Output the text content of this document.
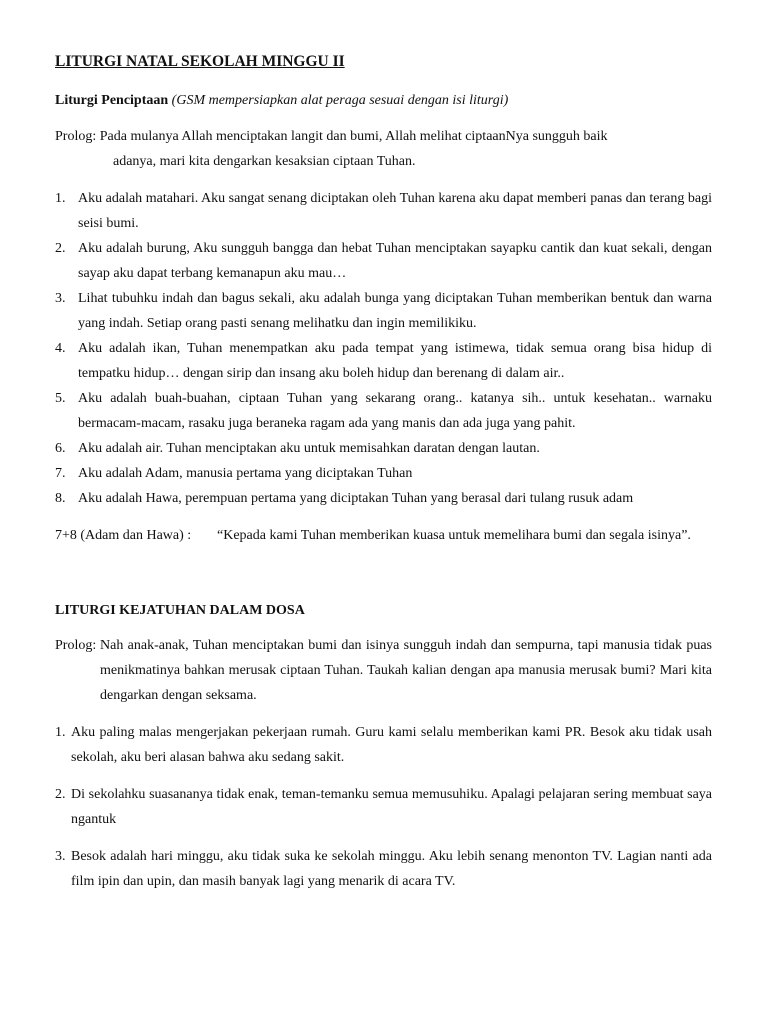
LITURGI NATAL SEKOLAH MINGGU II
Liturgi Penciptaan (GSM mempersiapkan alat peraga sesuai dengan isi liturgi)
Prolog: Pada mulanya Allah menciptakan langit dan bumi, Allah melihat ciptaanNya sungguh baik
adanya, mari kita dengarkan kesaksian ciptaan Tuhan.
1. Aku adalah matahari. Aku sangat senang diciptakan oleh Tuhan karena aku dapat memberi panas dan terang bagi seisi bumi.
2. Aku adalah burung, Aku sungguh bangga dan hebat Tuhan menciptakan sayapku cantik dan kuat sekali, dengan sayap aku dapat terbang kemanapun aku mau…
3. Lihat tubuhku indah dan bagus sekali, aku adalah bunga yang diciptakan Tuhan memberikan bentuk dan warna yang indah. Setiap orang pasti senang melihatku dan ingin memilikiku.
4. Aku adalah ikan, Tuhan menempatkan aku pada tempat yang istimewa, tidak semua orang bisa hidup di tempatku hidup… dengan sirip dan insang aku boleh hidup dan berenang di dalam air..
5. Aku adalah buah-buahan, ciptaan Tuhan yang sekarang orang.. katanya sih.. untuk kesehatan.. warnaku bermacam-macam, rasaku juga beraneka ragam ada yang manis dan ada juga yang pahit.
6. Aku adalah air. Tuhan menciptakan aku untuk memisahkan daratan dengan lautan.
7. Aku adalah Adam, manusia pertama yang diciptakan Tuhan
8. Aku adalah Hawa, perempuan pertama yang diciptakan Tuhan yang berasal dari tulang rusuk adam
7+8 (Adam dan Hawa) :	“Kepada kami Tuhan memberikan kuasa untuk memelihara bumi dan segala isinya”.
LITURGI KEJATUHAN DALAM DOSA
Prolog: Nah anak-anak, Tuhan menciptakan bumi dan isinya sungguh indah dan sempurna, tapi manusia tidak puas menikmatinya bahkan merusak ciptaan Tuhan. Taukah kalian dengan apa manusia merusak bumi? Mari kita dengarkan dengan seksama.
1. Aku paling malas mengerjakan pekerjaan rumah. Guru kami selalu memberikan kami PR. Besok aku tidak usah sekolah, aku beri alasan bahwa aku sedang sakit.
2. Di sekolahku suasananya tidak enak, teman-temanku semua memusuhiku. Apalagi pelajaran sering membuat saya ngantuk
3. Besok adalah hari minggu, aku tidak suka ke sekolah minggu. Aku lebih senang menonton TV. Lagian nanti ada film ipin dan upin, dan masih banyak lagi yang menarik di acara TV.
